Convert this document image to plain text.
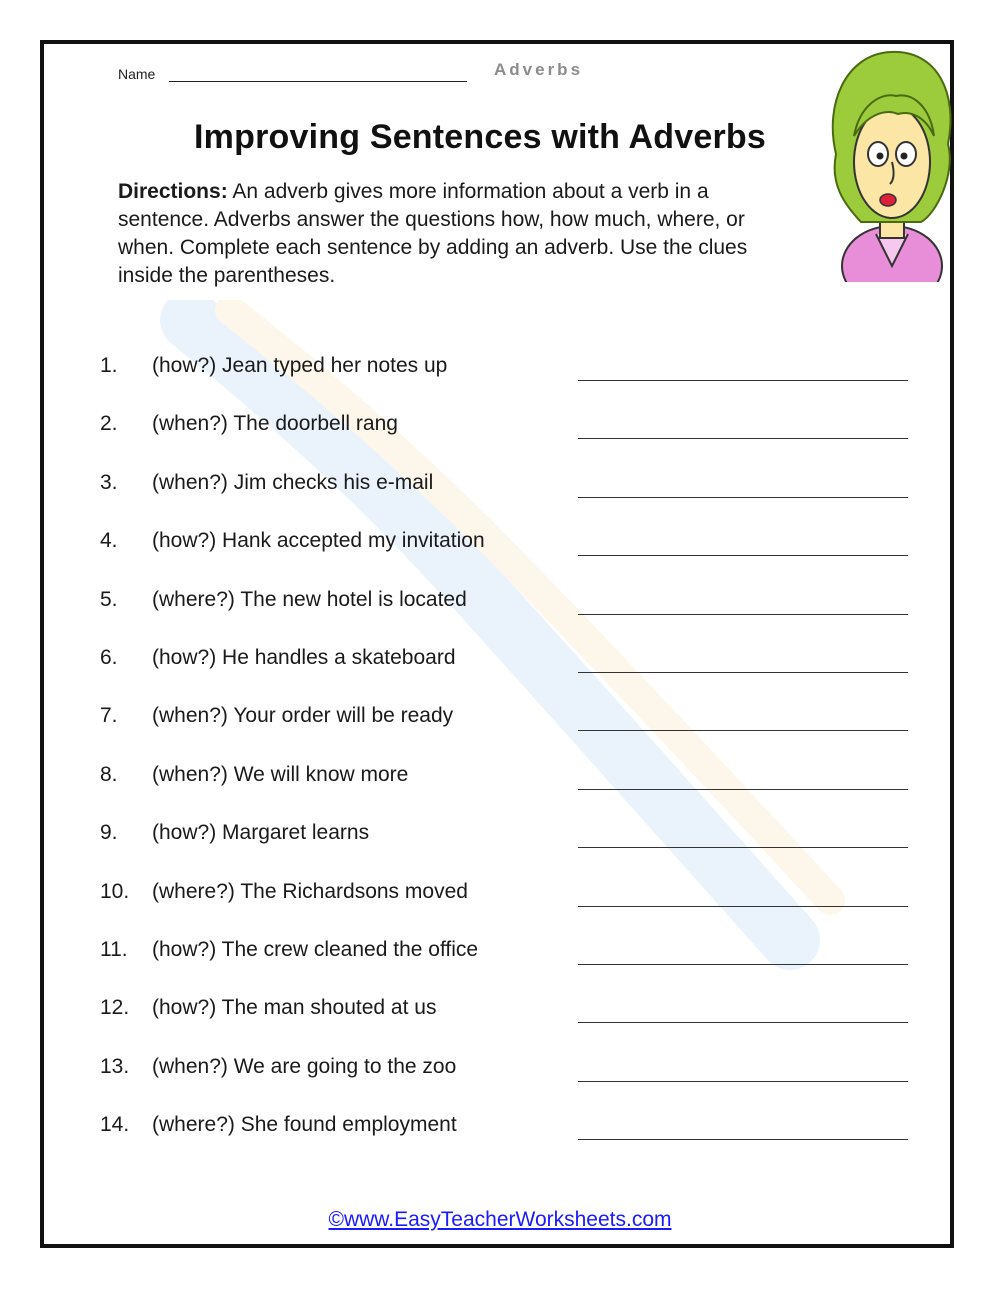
Name	Adverbs
Improving Sentences with Adverbs
Directions: An adverb gives more information about a verb in a sentence. Adverbs answer the questions how, how much, where, or when. Complete each sentence by adding an adverb. Use the clues inside the parentheses.
1. (how?) Jean typed her notes up
2. (when?) The doorbell rang
3. (when?) Jim checks his e-mail
4. (how?) Hank accepted my invitation
5. (where?) The new hotel is located
6. (how?) He handles a skateboard
7. (when?) Your order will be ready
8. (when?) We will know more
9. (how?) Margaret learns
10. (where?) The Richardsons moved
11. (how?) The crew cleaned the office
12. (how?) The man shouted at us
13. (when?) We are going to the zoo
14. (where?) She found employment
©www.EasyTeacherWorksheets.com
